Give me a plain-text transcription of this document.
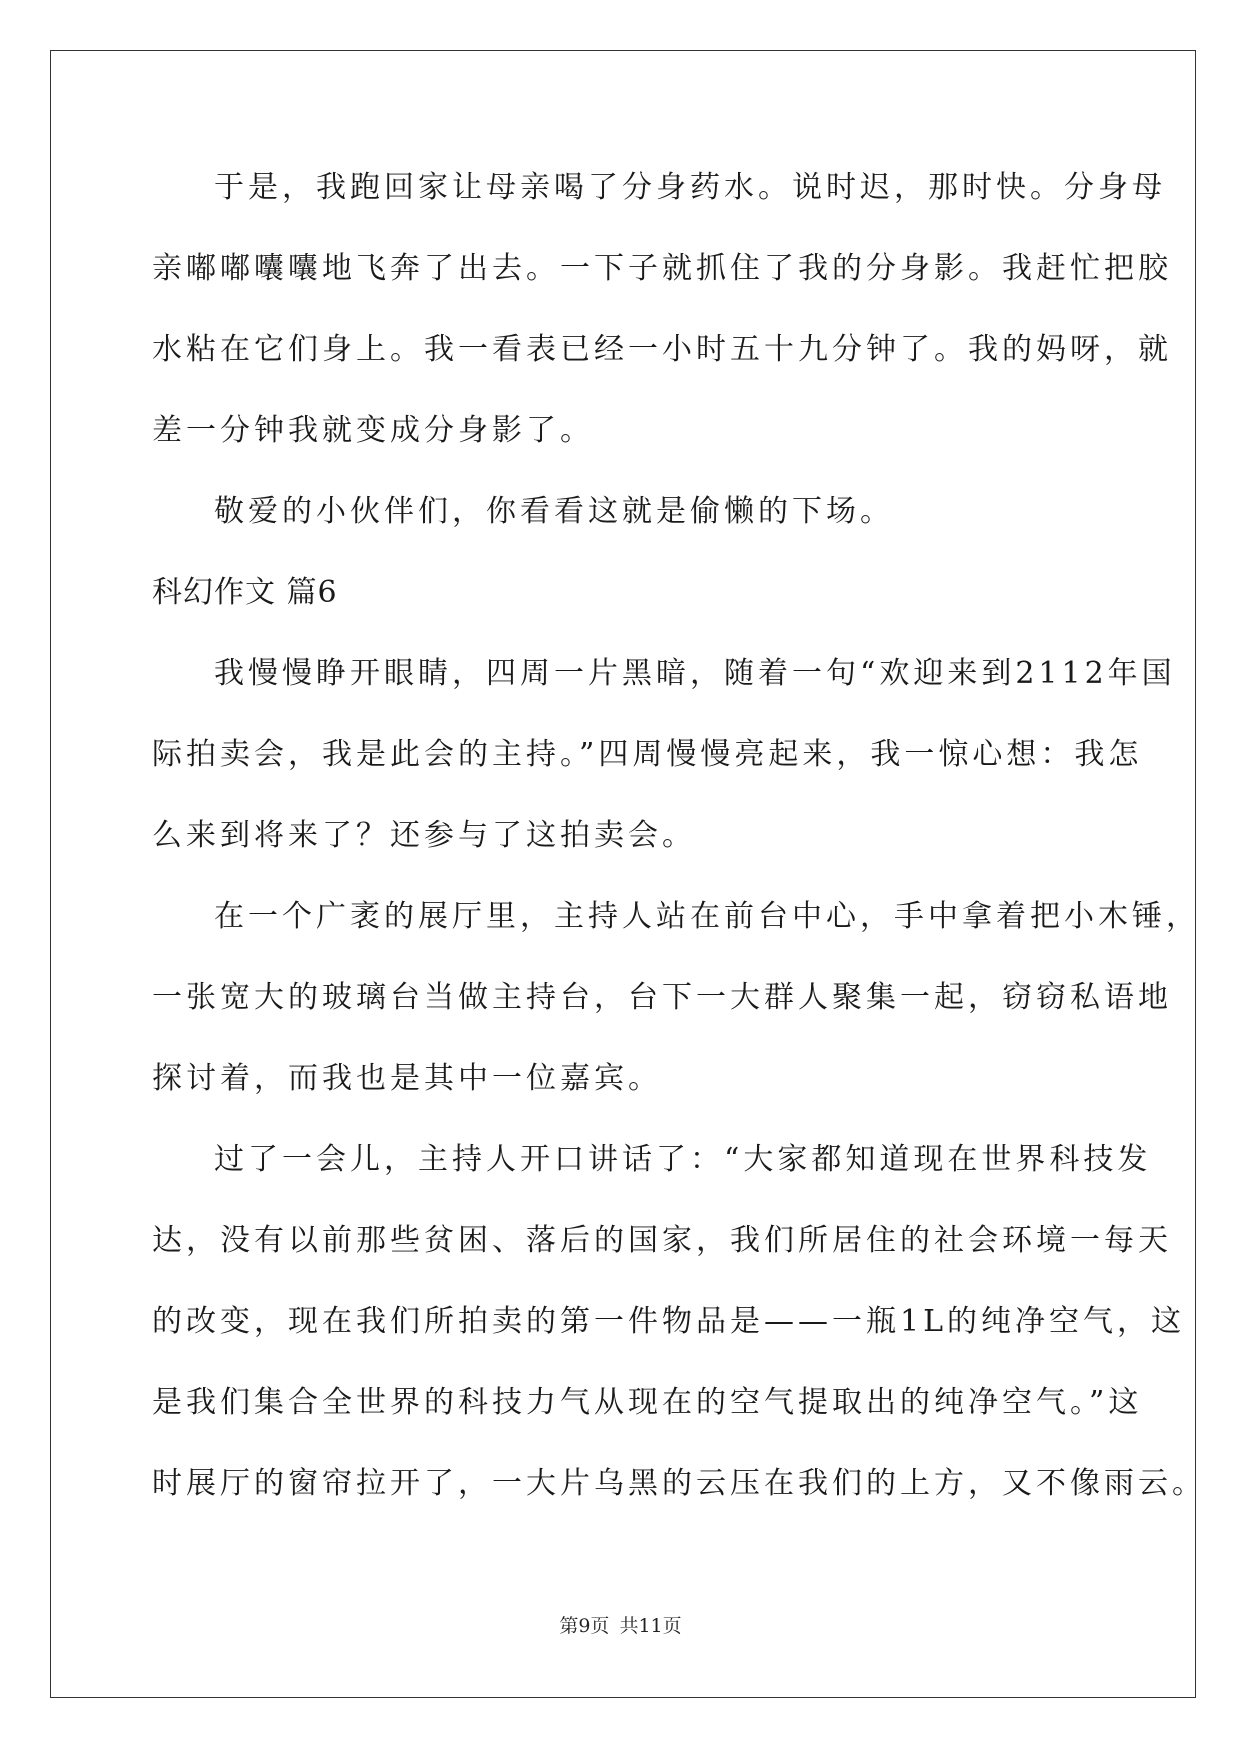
于是，我跑回家让母亲喝了分身药水。说时迟，那时快。分身母
亲嘟嘟囔囔地飞奔了出去。一下子就抓住了我的分身影。我赶忙把胶
水粘在它们身上。我一看表已经一小时五十九分钟了。我的妈呀，就
差一分钟我就变成分身影了。
敬爱的小伙伴们，你看看这就是偷懒的下场。
科幻作文 篇6
我慢慢睁开眼睛，四周一片黑暗，随着一句“欢迎来到2112年国
际拍卖会，我是此会的主持。”四周慢慢亮起来，我一惊心想：我怎
么来到将来了？还参与了这拍卖会。
在一个广袤的展厅里，主持人站在前台中心，手中拿着把小木锤，
一张宽大的玻璃台当做主持台，台下一大群人聚集一起，窃窃私语地
探讨着，而我也是其中一位嘉宾。
过了一会儿，主持人开口讲话了：“大家都知道现在世界科技发
达，没有以前那些贫困、落后的国家，我们所居住的社会环境一每天
的改变，现在我们所拍卖的第一件物品是——一瓶1L的纯净空气，这
是我们集合全世界的科技力气从现在的空气提取出的纯净空气。”这
时展厅的窗帘拉开了，一大片乌黑的云压在我们的上方，又不像雨云。
第9页 共11页
